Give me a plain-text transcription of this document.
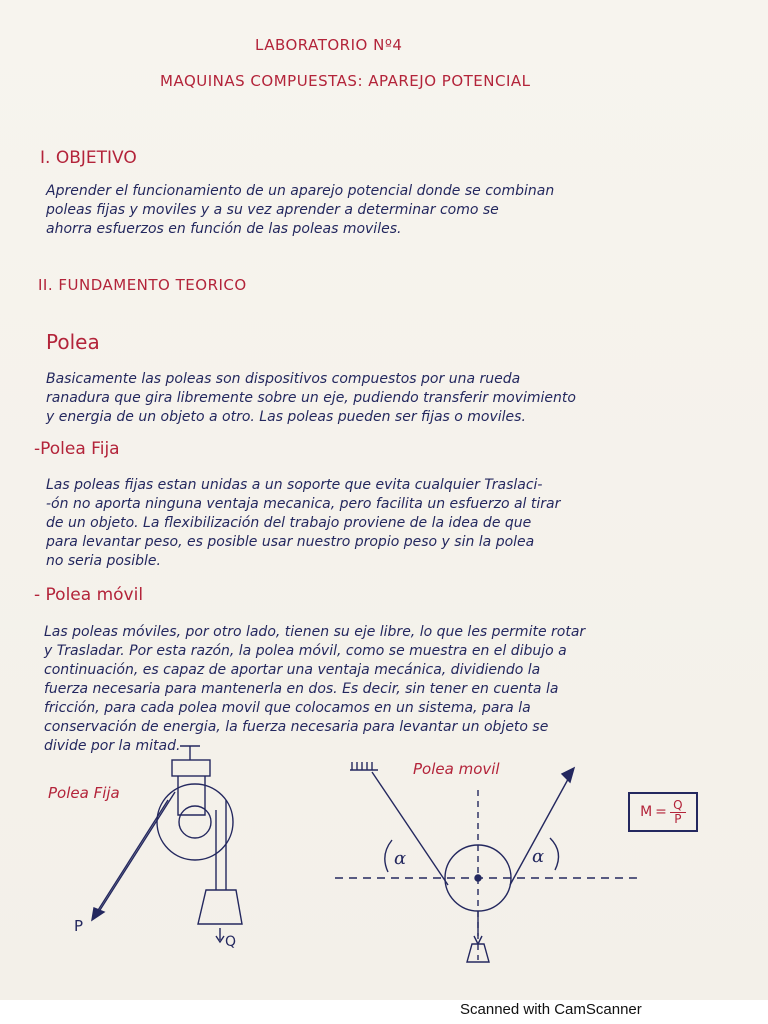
LABORATORIO Nº4
MAQUINAS COMPUESTAS: APAREJO POTENCIAL
I. OBJETIVO
Aprender el funcionamiento de un aparejo potencial donde se combinan
poleas fijas y moviles y a su vez aprender a determinar como se
ahorra esfuerzos en función de las poleas moviles.
II. FUNDAMENTO TEORICO
Polea
Basicamente las poleas son dispositivos compuestos por una rueda
ranadura que gira libremente sobre un eje, pudiendo transferir movimiento
y energia de un objeto a otro. Las poleas pueden ser fijas o moviles.
-Polea Fija
Las poleas fijas estan unidas a un soporte que evita cualquier Traslaci-
-ón no aporta ninguna ventaja mecanica, pero facilita un esfuerzo al tirar
de un objeto. La flexibilización del trabajo proviene de la idea de que
para levantar peso, es posible usar nuestro propio peso y sin la polea
no seria posible.
- Polea móvil
Las poleas móviles, por otro lado, tienen su eje libre, lo que les permite rotar
y Trasladar. Por esta razón, la polea móvil, como se muestra en el dibujo a
continuación, es capaz de aportar una ventaja mecánica, dividiendo la
fuerza necesaria para mantenerla en dos. Es decir, sin tener en cuenta la
fricción, para cada polea movil que colocamos en un sistema, para la
conservación de energia, la fuerza necesaria para levantar un objeto se
divide por la mitad.
α	α
Polea Fija
Polea movil
P
Q
$M = \frac{Q}{P}$
Scanned with CamScanner
